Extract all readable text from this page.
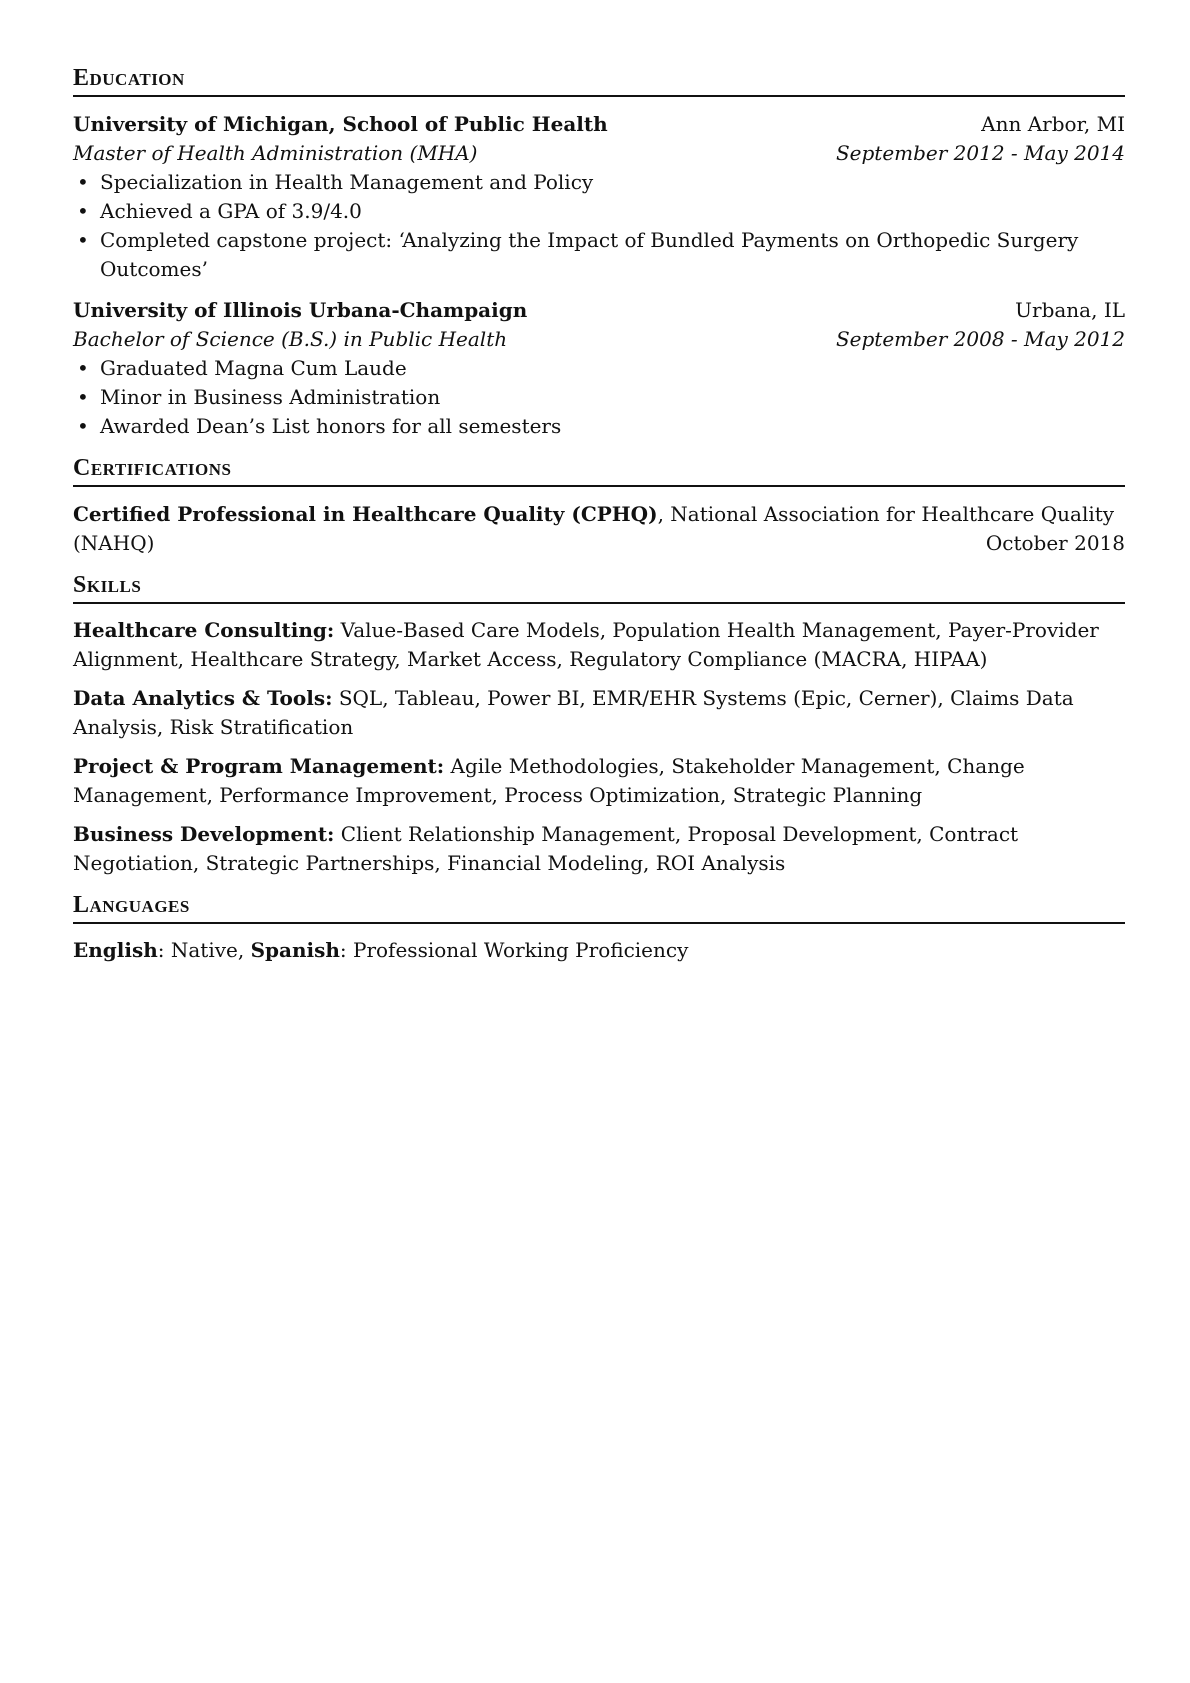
Education
University of Michigan, School of Public Health	Ann Arbor, MI
Master of Health Administration (MHA)	September 2012 - May 2014
• Specialization in Health Management and Policy
• Achieved a GPA of 3.9/4.0
• Completed capstone project: ‘Analyzing the Impact of Bundled Payments on Orthopedic Surgery Outcomes’
University of Illinois Urbana-Champaign	Urbana, IL
Bachelor of Science (B.S.) in Public Health	September 2008 - May 2012
• Graduated Magna Cum Laude
• Minor in Business Administration
• Awarded Dean’s List honors for all semesters
Certifications
Certified Professional in Healthcare Quality (CPHQ), National Association for Healthcare Quality
(NAHQ)	October 2018
Skills
Healthcare Consulting: Value-Based Care Models, Population Health Management, Payer-Provider Alignment, Healthcare Strategy, Market Access, Regulatory Compliance (MACRA, HIPAA)
Data Analytics & Tools: SQL, Tableau, Power BI, EMR/EHR Systems (Epic, Cerner), Claims Data Analysis, Risk Stratification
Project & Program Management: Agile Methodologies, Stakeholder Management, Change Management, Performance Improvement, Process Optimization, Strategic Planning
Business Development: Client Relationship Management, Proposal Development, Contract Negotiation, Strategic Partnerships, Financial Modeling, ROI Analysis
Languages
English: Native, Spanish: Professional Working Proficiency
